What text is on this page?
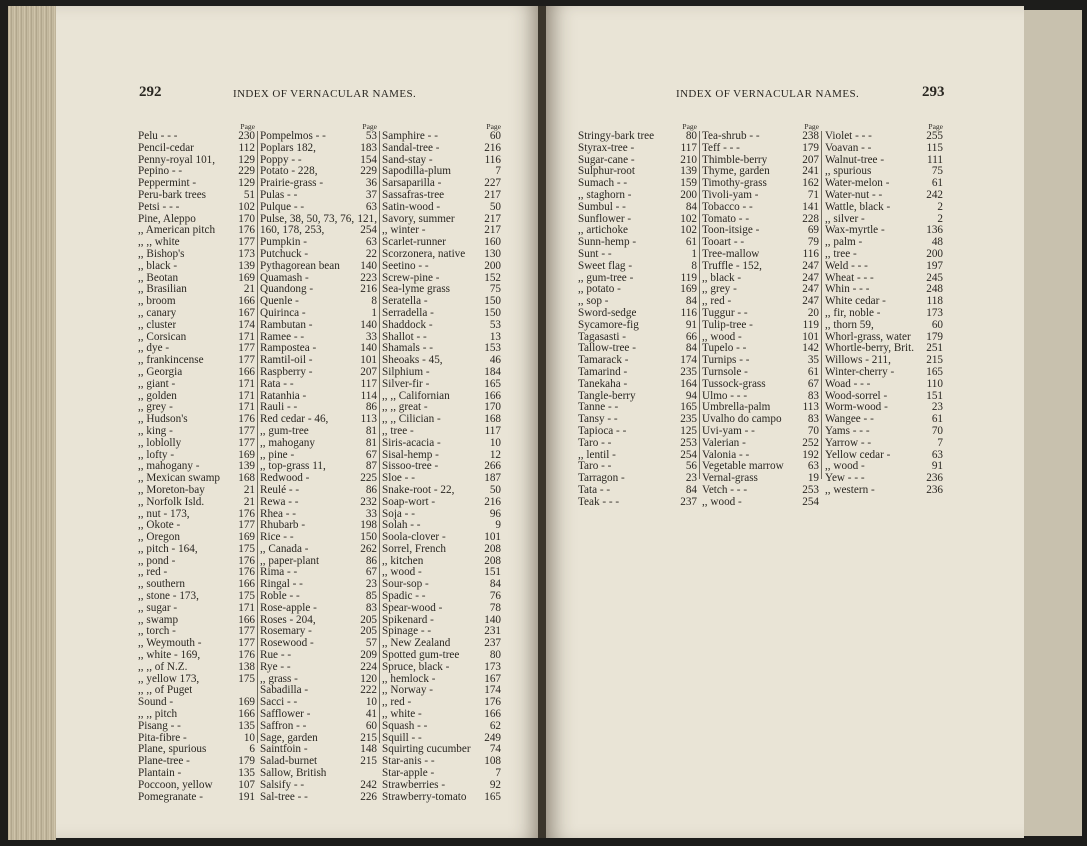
292	INDEX OF VERNACULAR NAMES.	293
INDEX OF VERNACULAR NAMES.
Page
Pelu - - -	230
Pencil-cedar	112
Penny-royal 101, 129
Pepino - -	229
Peppermint -	129
Peru-bark trees	51
Petsi - - -	102
Pine, Aleppo	170
,, American pitch 176
,, ,, white	177
,, Bishop's	173
,, black -	139
,, Beotan	169
,, Brasilian	21
,, broom	166
,, canary	167
,, cluster	174
,, Corsican	171
,, dye -	177
,, frankincense	177
,, Georgia	166
,, giant -	171
,, golden	171
,, grey -	171
,, Hudson's	176
,, king -	177
,, loblolly	177
,, lofty -	169
,, mahogany -	139
,, Mexican swamp 168
,, Moreton-bay	21
,, Norfolk Isld.	21
,, nut - 173,	176
,, Okote -	177
,, Oregon	169
,, pitch - 164,	175
,, pond -	176
,, red -	176
,, southern	166
,, stone - 173,	175
,, sugar -	171
,, swamp	166
,, torch -	177
,, Weymouth -	177
,, white - 169,	176
,, ,, of N.Z.	138
,, yellow 173,	175
,, ,, of Puget
Sound -	169
,, ,, pitch	166
Pisang - -	135
Pita-fibre -	10
Plane, spurious	6
Plane-tree -	179
Plantain -	135
Poccoon, yellow 107
Pomegranate -	191
Page
Pompelmos - -	53
Poplars 182,	183
Poppy - -	154
Potato - 228,	229
Prairie-grass -	36
Pulas - -	37
Pulque - -	63
Pulse, 38, 50, 73, 76, 121,
160, 178, 253,	254
Pumpkin -	63
Putchuck -	22
Pythagorean bean 140
Quamash -	223
Quandong -	216
Quenle -	8
Quirinca -	1
Rambutan -	140
Ramee - -	33
Rampostea -	140
Ramtil-oil -	101
Raspberry -	207
Rata - -	117
Ratanhia -	114
Rauli - -	86
Red cedar - 46,	113
,, gum-tree	81
,, mahogany	81
,, pine -	67
,, top-grass 11,	87
Redwood -	225
Reulé - -	86
Rewa - -	232
Rhea - -	33
Rhubarb -	198
Rice - -	150
,, Canada -	262
,, paper-plant	86
Rima - -	67
Ringal - -	23
Roble - -	85
Rose-apple -	83
Roses - 204,	205
Rosemary -	205
Rosewood -	57
Rue - -	209
Rye - -	224
,, grass -	120
Sabadilla -	222
Sacci - -	10
Safflower -	41
Saffron - -	60
Sage, garden	215
Saintfoin -	148
Salad-burnet	215
Sallow, British
Salsify - -	242
Sal-tree - -	226
Page
Samphire - -	60
Sandal-tree -	216
Sand-stay -	116
Sapodilla-plum	7
Sarsaparilla -	227
Sassafras-tree	217
Satin-wood -	50
Savory, summer	217
,, winter -	217
Scarlet-runner	160
Scorzonera, native 130
Seetino - -	200
Screw-pine -	152
Sea-lyme grass	75
Seratella -	150
Serradella -	150
Shaddock -	53
Shallot - -	13
Shamals - -	153
Sheoaks - 45,	46
Silphium -	184
Silver-fir -	165
,, ,, Californian	166
,, ,, great -	170
,, ,, Cilician -	168
,, tree -	117
Siris-acacia -	10
Sisal-hemp -	12
Sissoo-tree -	266
Sloe - -	187
Snake-root - 22,	50
Soap-wort -	216
Soja - -	96
Solah - -	9
Soola-clover -	101
Sorrel, French	208
,, kitchen	208
,, wood -	151
Sour-sop -	84
Spadic - -	76
Spear-wood -	78
Spikenard -	140
Spinage - -	231
,, New Zealand	237
Spotted gum-tree	80
Spruce, black -	173
,, hemlock -	167
,, Norway -	174
,, red -	176
,, white -	166
Squash - -	62
Squill - -	249
Squirting cucumber 74
Star-anis - -	108
Star-apple -	7
Strawberries -	92
Strawberry-tomato 165
Page
Stringy-bark tree	80
Styrax-tree -	117
Sugar-cane -	210
Sulphur-root	139
Sumach - -	159
,, staghorn -	200
Sumbul - -	84
Sunflower -	102
,, artichoke	102
Sunn-hemp -	61
Sunt - -	1
Sweet flag -	8
,, gum-tree -	119
,, potato -	169
,, sop -	84
Sword-sedge	116
Sycamore-fig	91
Tagasasti -	66
Tallow-tree -	84
Tamarack -	174
Tamarind -	235
Tanekaha -	164
Tangle-berry	94
Tanne - -	165
Tansy - -	235
Tapioca - -	125
Taro - -	253
,, lentil -	254
Taro - -	56
Tarragon -	23
Tata - -	84
Teak - - -	237
Page
Tea-shrub - -	238
Teff - - -	179
Thimble-berry	207
Thyme, garden	241
Timothy-grass	162
Tivoli-yam -	71
Tobacco - -	141
Tomato - -	228
Toon-itsige -	69
Tooart - -	79
Tree-mallow	116
Truffle - 152,	247
,, black -	247
,, grey -	247
,, red -	247
Tuggur - -	20
Tulip-tree -	119
,, wood -	101
Tupelo - -	142
Turnips - -	35
Turnsole -	61
Tussock-grass	67
Ulmo - - -	83
Umbrella-palm	113
Uvalho do campo 83
Uvi-yam - -	70
Valerian -	252
Valonia - -	192
Vegetable marrow 63
Vernal-grass	19
Vetch - - -	253
,, wood -	254
Page
Violet - - -	255
Voavan - -	115
Walnut-tree -	111
,, spurious	75
Water-melon -	61
Water-nut - -	242
Wattle, black -	2
,, silver -	2
Wax-myrtle -	136
,, palm -	48
,, tree -	200
Weld - - -	197
Wheat - - -	245
Whin - - -	248
White cedar -	118
,, fir, noble -	173
,, thorn 59,	60
Whorl-grass, water 179
Whortle-berry, Brit. 251
Willows - 211,	215
Winter-cherry -	165
Woad - - -	110
Wood-sorrel -	151
Worm-wood -	23
Wangee - -	61
Yams - - -	70
Yarrow - -	7
Yellow cedar -	63
,, wood -	91
Yew - - -	236
,, western -	236
